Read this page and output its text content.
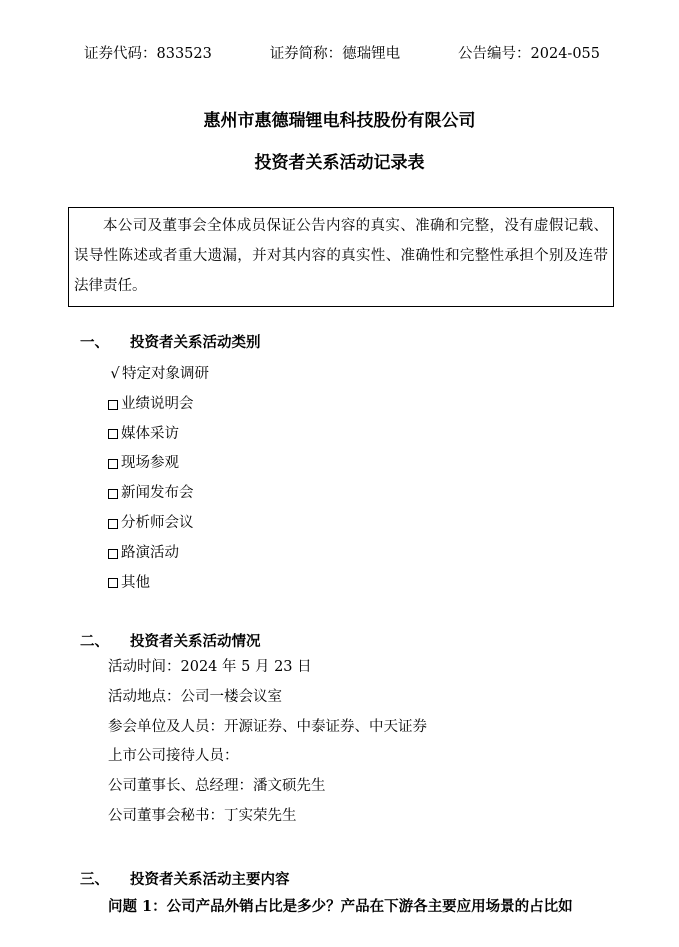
证券代码：833523	证券简称：德瑞锂电	公告编号：2024-055
惠州市惠德瑞锂电科技股份有限公司
投资者关系活动记录表
本公司及董事会全体成员保证公告内容的真实、准确和完整，没有虚假记载、误导性陈述或者重大遗漏，并对其内容的真实性、准确性和完整性承担个别及连带法律责任。
一、	投资者关系活动类别
√ 特定对象调研
业绩说明会
媒体采访
现场参观
新闻发布会
分析师会议
路演活动
其他
二、	投资者关系活动情况
活动时间：2024 年 5 月 23 日
活动地点：公司一楼会议室
参会单位及人员：开源证券、中泰证券、中天证券
上市公司接待人员：
公司董事长、总经理：潘文硕先生
公司董事会秘书：丁实荣先生
三、	投资者关系活动主要内容
问题 1：公司产品外销占比是多少？产品在下游各主要应用场景的占比如
